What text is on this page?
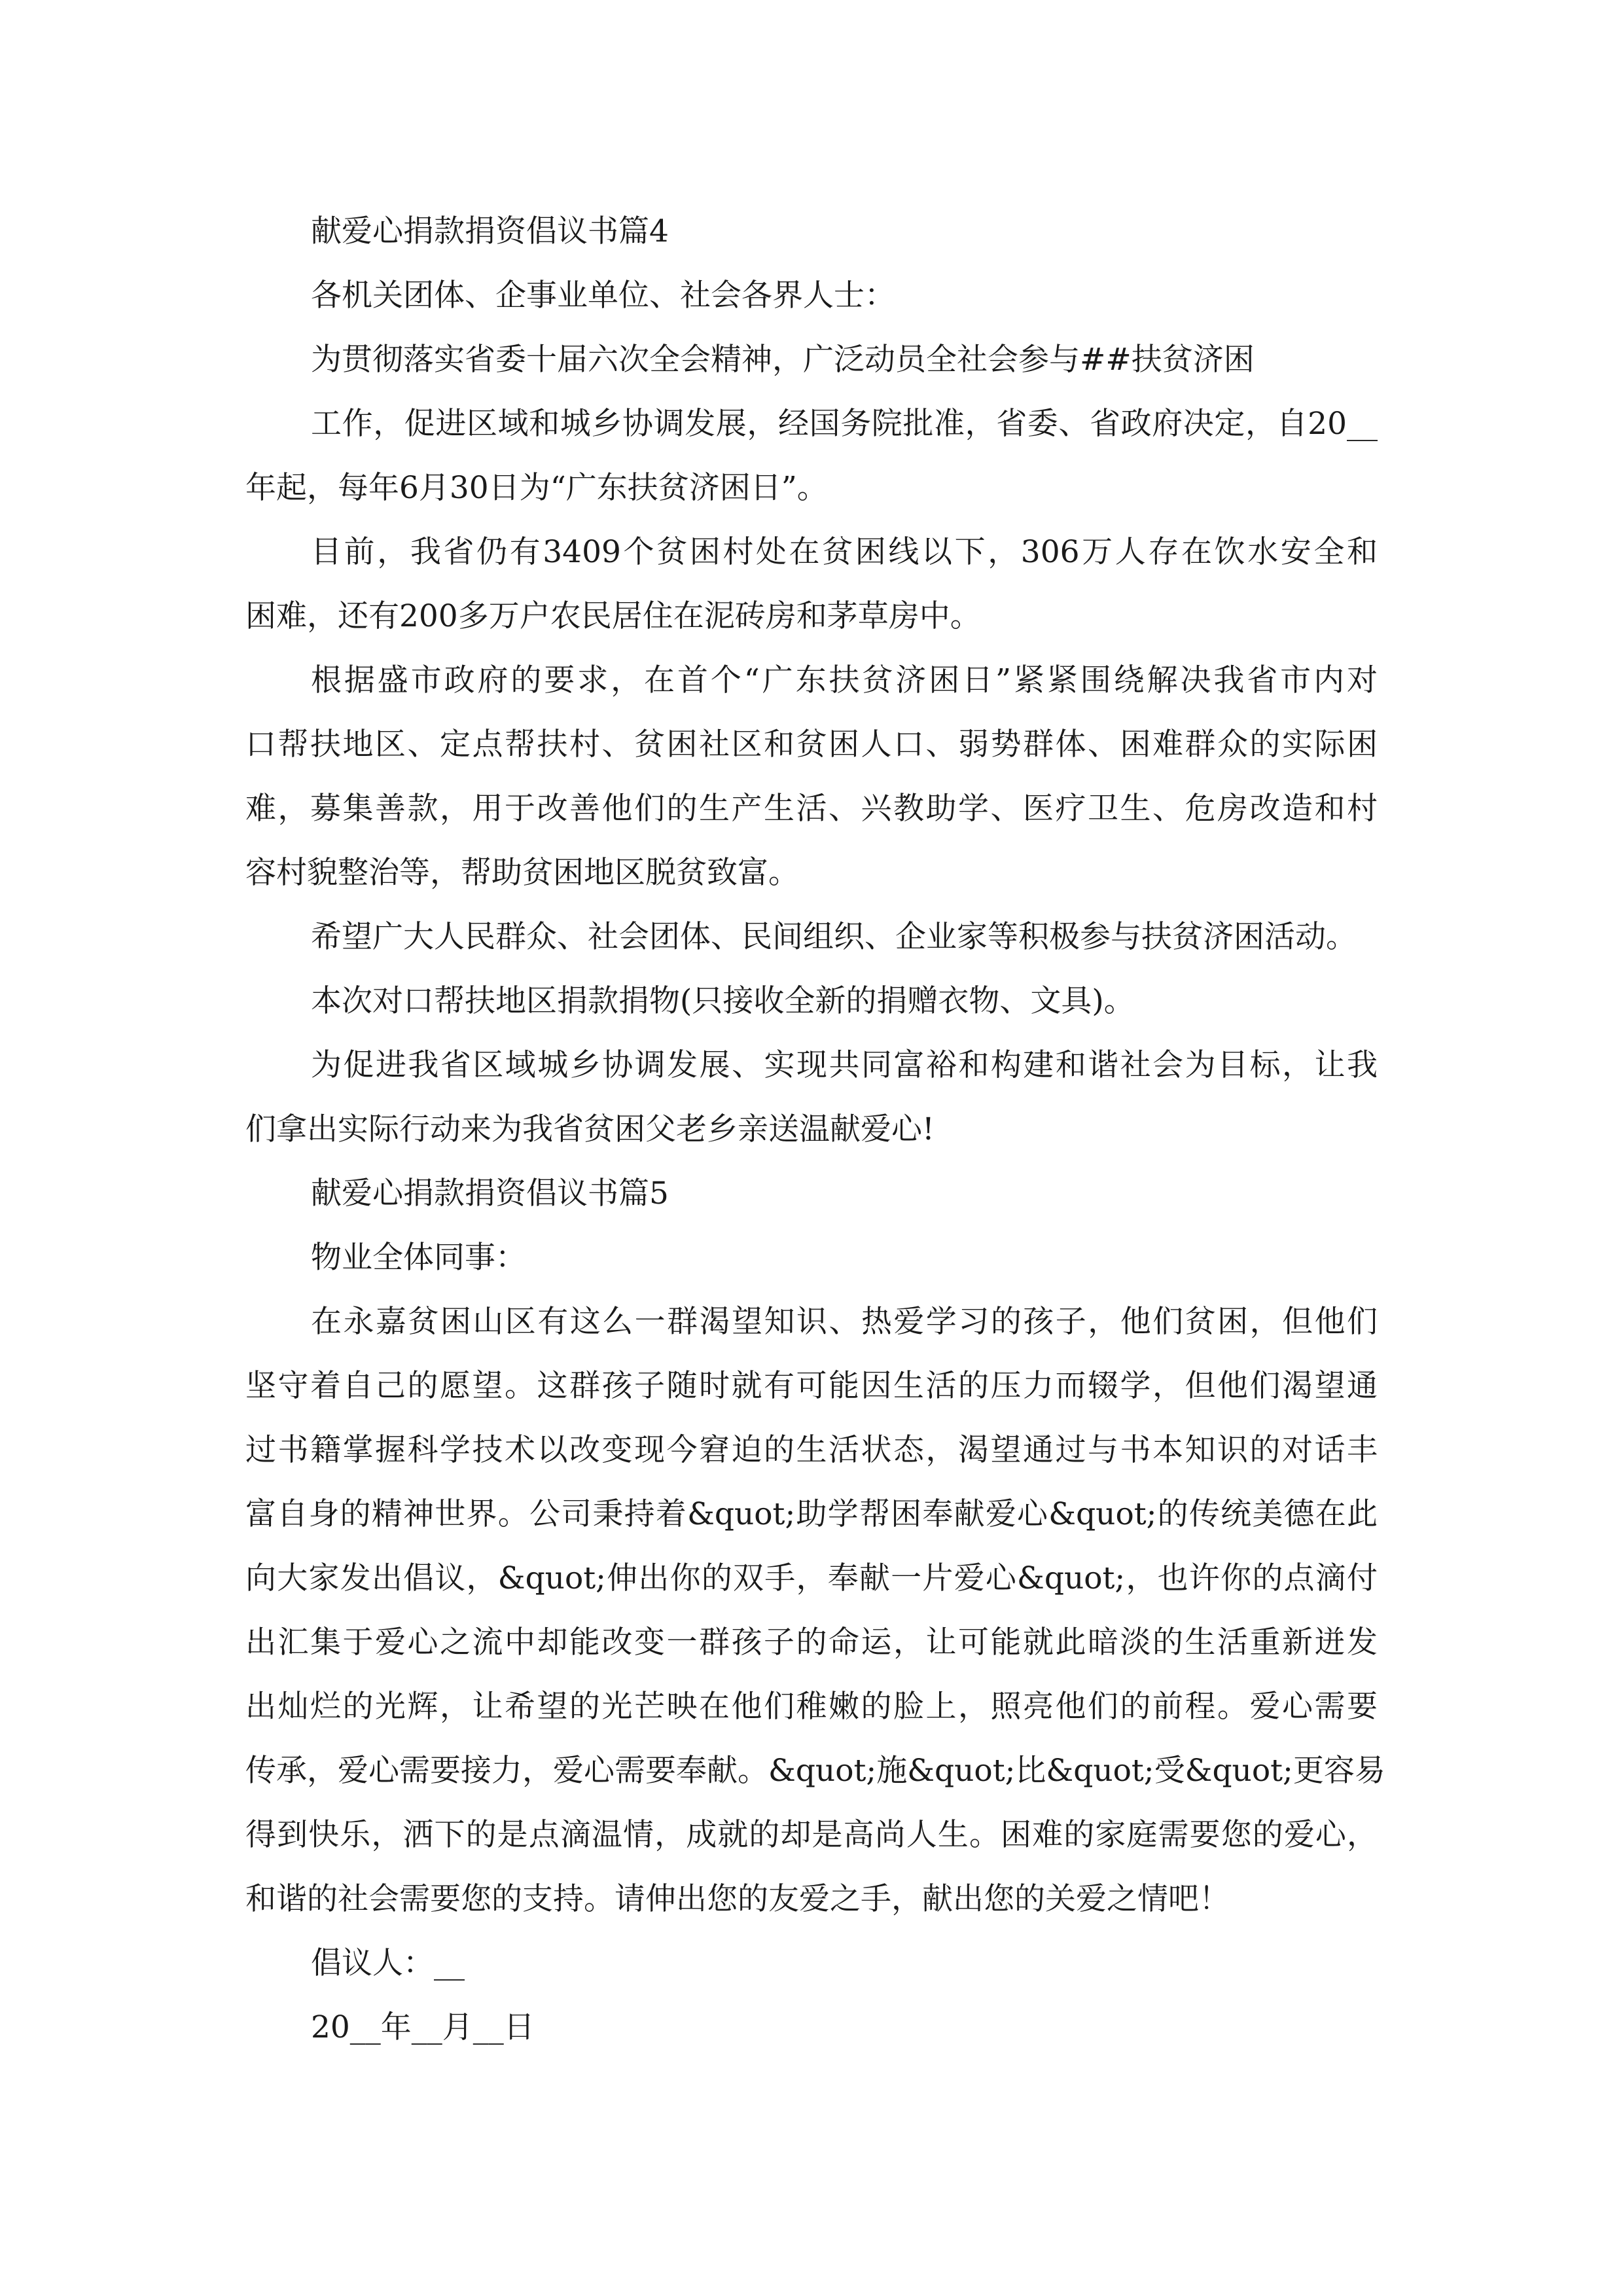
献爱心捐款捐资倡议书篇4

各机关团体、企事业单位、社会各界人士：

为贯彻落实省委十届六次全会精神，广泛动员全社会参与##扶贫济困

工作，促进区域和城乡协调发展，经国务院批准，省委、省政府决定，自20__

年起，每年6月30日为“广东扶贫济困日”。

目前，我省仍有3409个贫困村处在贫困线以下，306万人存在饮水安全和

困难，还有200多万户农民居住在泥砖房和茅草房中。

根据盛市政府的要求，在首个“广东扶贫济困日”紧紧围绕解决我省市内对

口帮扶地区、定点帮扶村、贫困社区和贫困人口、弱势群体、困难群众的实际困

难，募集善款，用于改善他们的生产生活、兴教助学、医疗卫生、危房改造和村

容村貌整治等，帮助贫困地区脱贫致富。

希望广大人民群众、社会团体、民间组织、企业家等积极参与扶贫济困活动。

本次对口帮扶地区捐款捐物(只接收全新的捐赠衣物、文具)。

为促进我省区域城乡协调发展、实现共同富裕和构建和谐社会为目标，让我

们拿出实际行动来为我省贫困父老乡亲送温献爱心!

献爱心捐款捐资倡议书篇5

物业全体同事：

在永嘉贫困山区有这么一群渴望知识、热爱学习的孩子，他们贫困，但他们

坚守着自己的愿望。这群孩子随时就有可能因生活的压力而辍学，但他们渴望通

过书籍掌握科学技术以改变现今窘迫的生活状态，渴望通过与书本知识的对话丰

富自身的精神世界。公司秉持着&quot;助学帮困奉献爱心&quot;的传统美德在此

向大家发出倡议，&quot;伸出你的双手，奉献一片爱心&quot;，也许你的点滴付

出汇集于爱心之流中却能改变一群孩子的命运，让可能就此暗淡的生活重新迸发

出灿烂的光辉，让希望的光芒映在他们稚嫩的脸上，照亮他们的前程。爱心需要

传承，爱心需要接力，爱心需要奉献。&quot;施&quot;比&quot;受&quot;更容易

得到快乐，洒下的是点滴温情，成就的却是高尚人生。困难的家庭需要您的爱心，

和谐的社会需要您的支持。请伸出您的友爱之手，献出您的关爱之情吧！

倡议人：__

20__年__月__日
